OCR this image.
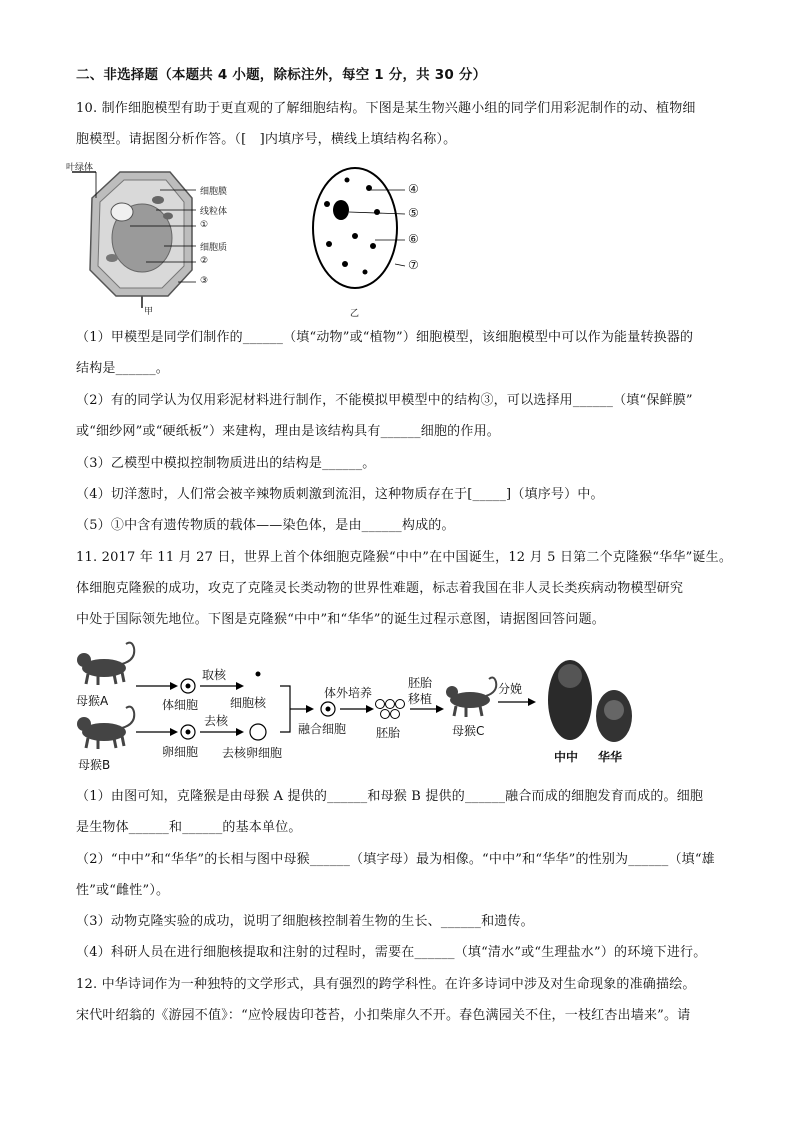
二、非选择题（本题共 4 小题，除标注外，每空 1 分，共 30 分）
10. 制作细胞模型有助于更直观的了解细胞结构。下图是某生物兴趣小组的同学们用彩泥制作的动、植物细
胞模型。请据图分析作答。（[　]内填序号，横线上填结构名称）。
叶绿体
细胞膜
线粒体
①
细胞质
②
③
甲
④
⑤
⑥
⑦
乙
（1）甲模型是同学们制作的______（填“动物”或“植物”）细胞模型，该细胞模型中可以作为能量转换器的
结构是______。
（2）有的同学认为仅用彩泥材料进行制作，不能模拟甲模型中的结构③，可以选择用______（填“保鲜膜”
或“细纱网”或“硬纸板”）来建构，理由是该结构具有______细胞的作用。
（3）乙模型中模拟控制物质进出的结构是______。
（4）切洋葱时，人们常会被辛辣物质刺激到流泪，这种物质存在于[_____]（填序号）中。
（5）①中含有遗传物质的载体——染色体，是由______构成的。
11. 2017 年 11 月 27 日，世界上首个体细胞克隆猴“中中”在中国诞生，12 月 5 日第二个克隆猴“华华”诞生。
体细胞克隆猴的成功，攻克了克隆灵长类动物的世界性难题，标志着我国在非人灵长类疾病动物模型研究
中处于国际领先地位。下图是克隆猴“中中”和“华华”的诞生过程示意图，请据图回答问题。
母猴A
母猴B
体细胞
取核
细胞核
卵细胞
去核
去核卵细胞
融合细胞
体外培养
胚胎
胚胎
移植
母猴C
分娩
中中 华华
（1）由图可知，克隆猴是由母猴 A 提供的______和母猴 B 提供的______融合而成的细胞发育而成的。细胞
是生物体______和______的基本单位。
（2）“中中”和“华华”的长相与图中母猴______（填字母）最为相像。“中中”和“华华”的性别为______（填“雄
性”或“雌性”）。
（3）动物克隆实验的成功，说明了细胞核控制着生物的生长、______和遗传。
（4）科研人员在进行细胞核提取和注射的过程时，需要在______（填“清水”或“生理盐水”）的环境下进行。
12. 中华诗词作为一种独特的文学形式，具有强烈的跨学科性。在许多诗词中涉及对生命现象的准确描绘。
宋代叶绍翁的《游园不值》：“应怜屐齿印苍苔，小扣柴扉久不开。春色满园关不住，一枝红杏出墙来”。请
